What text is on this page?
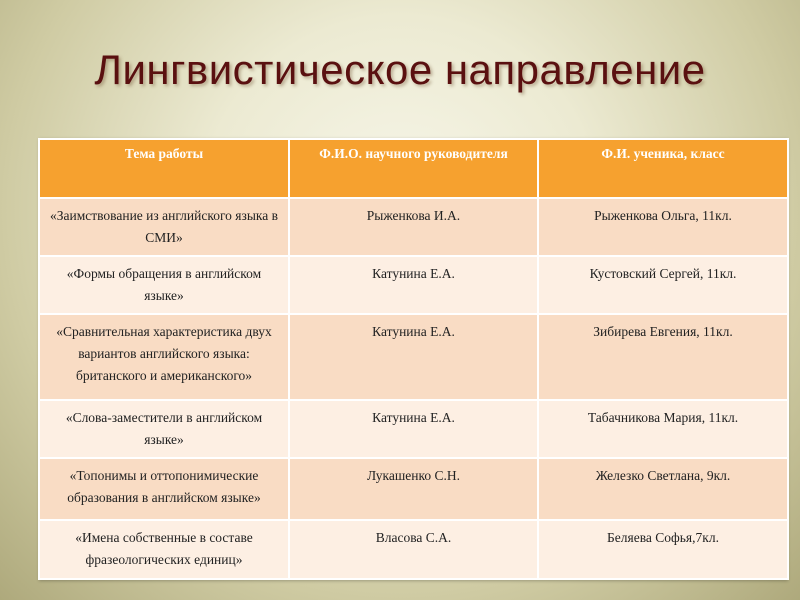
Лингвистическое направление
Тема работы	Ф.И.О. научного руководителя	Ф.И. ученика, класс
«Заимствование из английского языка в СМИ»	Рыженкова И.А.	Рыженкова Ольга, 11кл.
«Формы обращения в английском языке»	Катунина Е.А.	Кустовский Сергей, 11кл.
«Сравнительная характеристика двух вариантов английского языка: британского и американского»	Катунина Е.А.	Зибирева Евгения, 11кл.
«Слова-заместители в английском языке»	Катунина Е.А.	Табачникова Мария, 11кл.
«Топонимы и оттопонимические образования в английском языке»	Лукашенко С.Н.	Железко Светлана, 9кл.
«Имена собственные в составе фразеологических единиц»	Власова С.А.	Беляева Софья,7кл.
